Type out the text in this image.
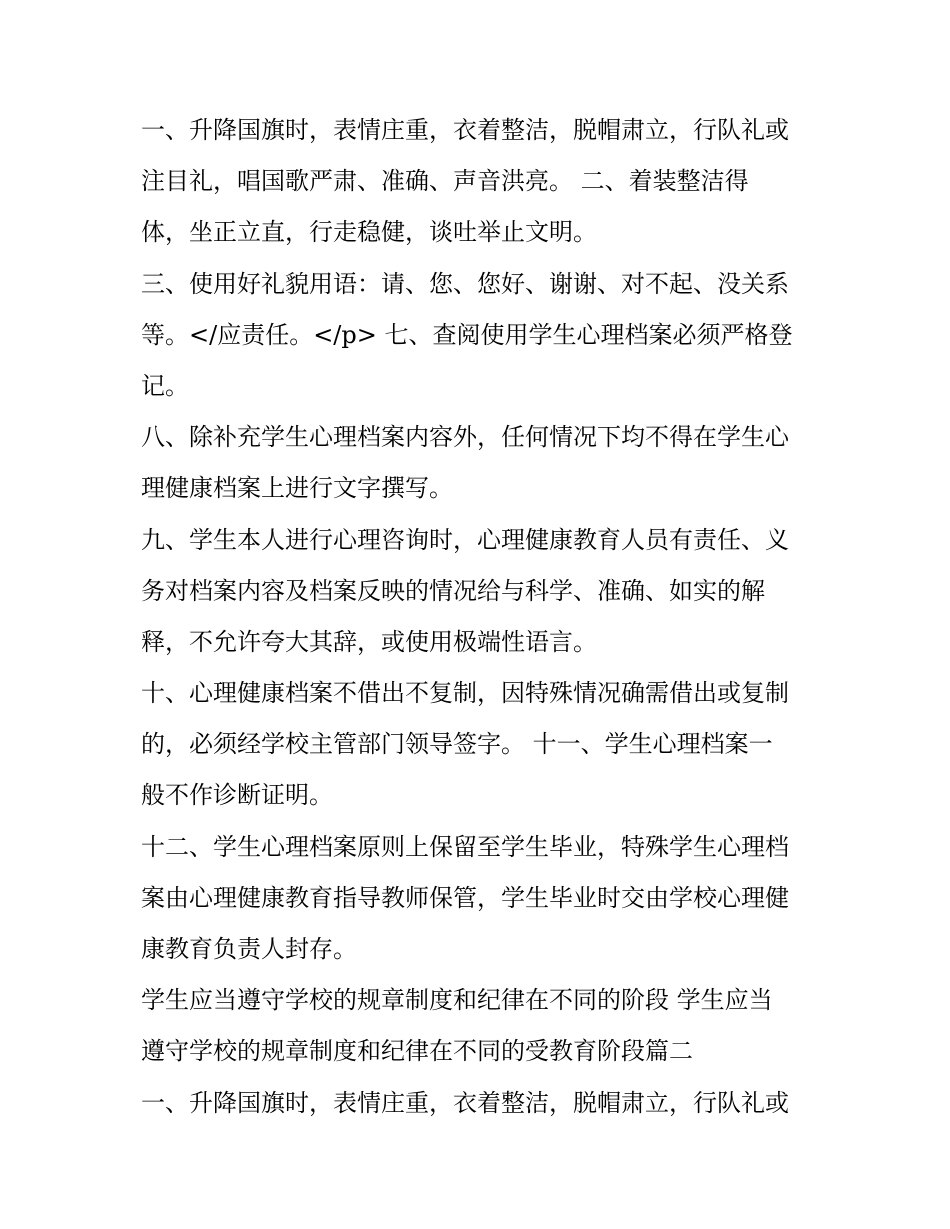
一、升降国旗时，表情庄重，衣着整洁，脱帽肃立，行队礼或
注目礼，唱国歌严肃、准确、声音洪亮。 二、着装整洁得
体，坐正立直，行走稳健，谈吐举止文明。
三、使用好礼貌用语：请、您、您好、谢谢、对不起、没关系
等。</应责任。</p> 七、查阅使用学生心理档案必须严格登
记。
八、除补充学生心理档案内容外，任何情况下均不得在学生心
理健康档案上进行文字撰写。
九、学生本人进行心理咨询时，心理健康教育人员有责任、义
务对档案内容及档案反映的情况给与科学、准确、如实的解
释，不允许夸大其辞，或使用极端性语言。
十、心理健康档案不借出不复制，因特殊情况确需借出或复制
的，必须经学校主管部门领导签字。 十一、学生心理档案一
般不作诊断证明。
十二、学生心理档案原则上保留至学生毕业，特殊学生心理档
案由心理健康教育指导教师保管，学生毕业时交由学校心理健
康教育负责人封存。
学生应当遵守学校的规章制度和纪律在不同的阶段 学生应当
遵守学校的规章制度和纪律在不同的受教育阶段篇二
一、升降国旗时，表情庄重，衣着整洁，脱帽肃立，行队礼或
